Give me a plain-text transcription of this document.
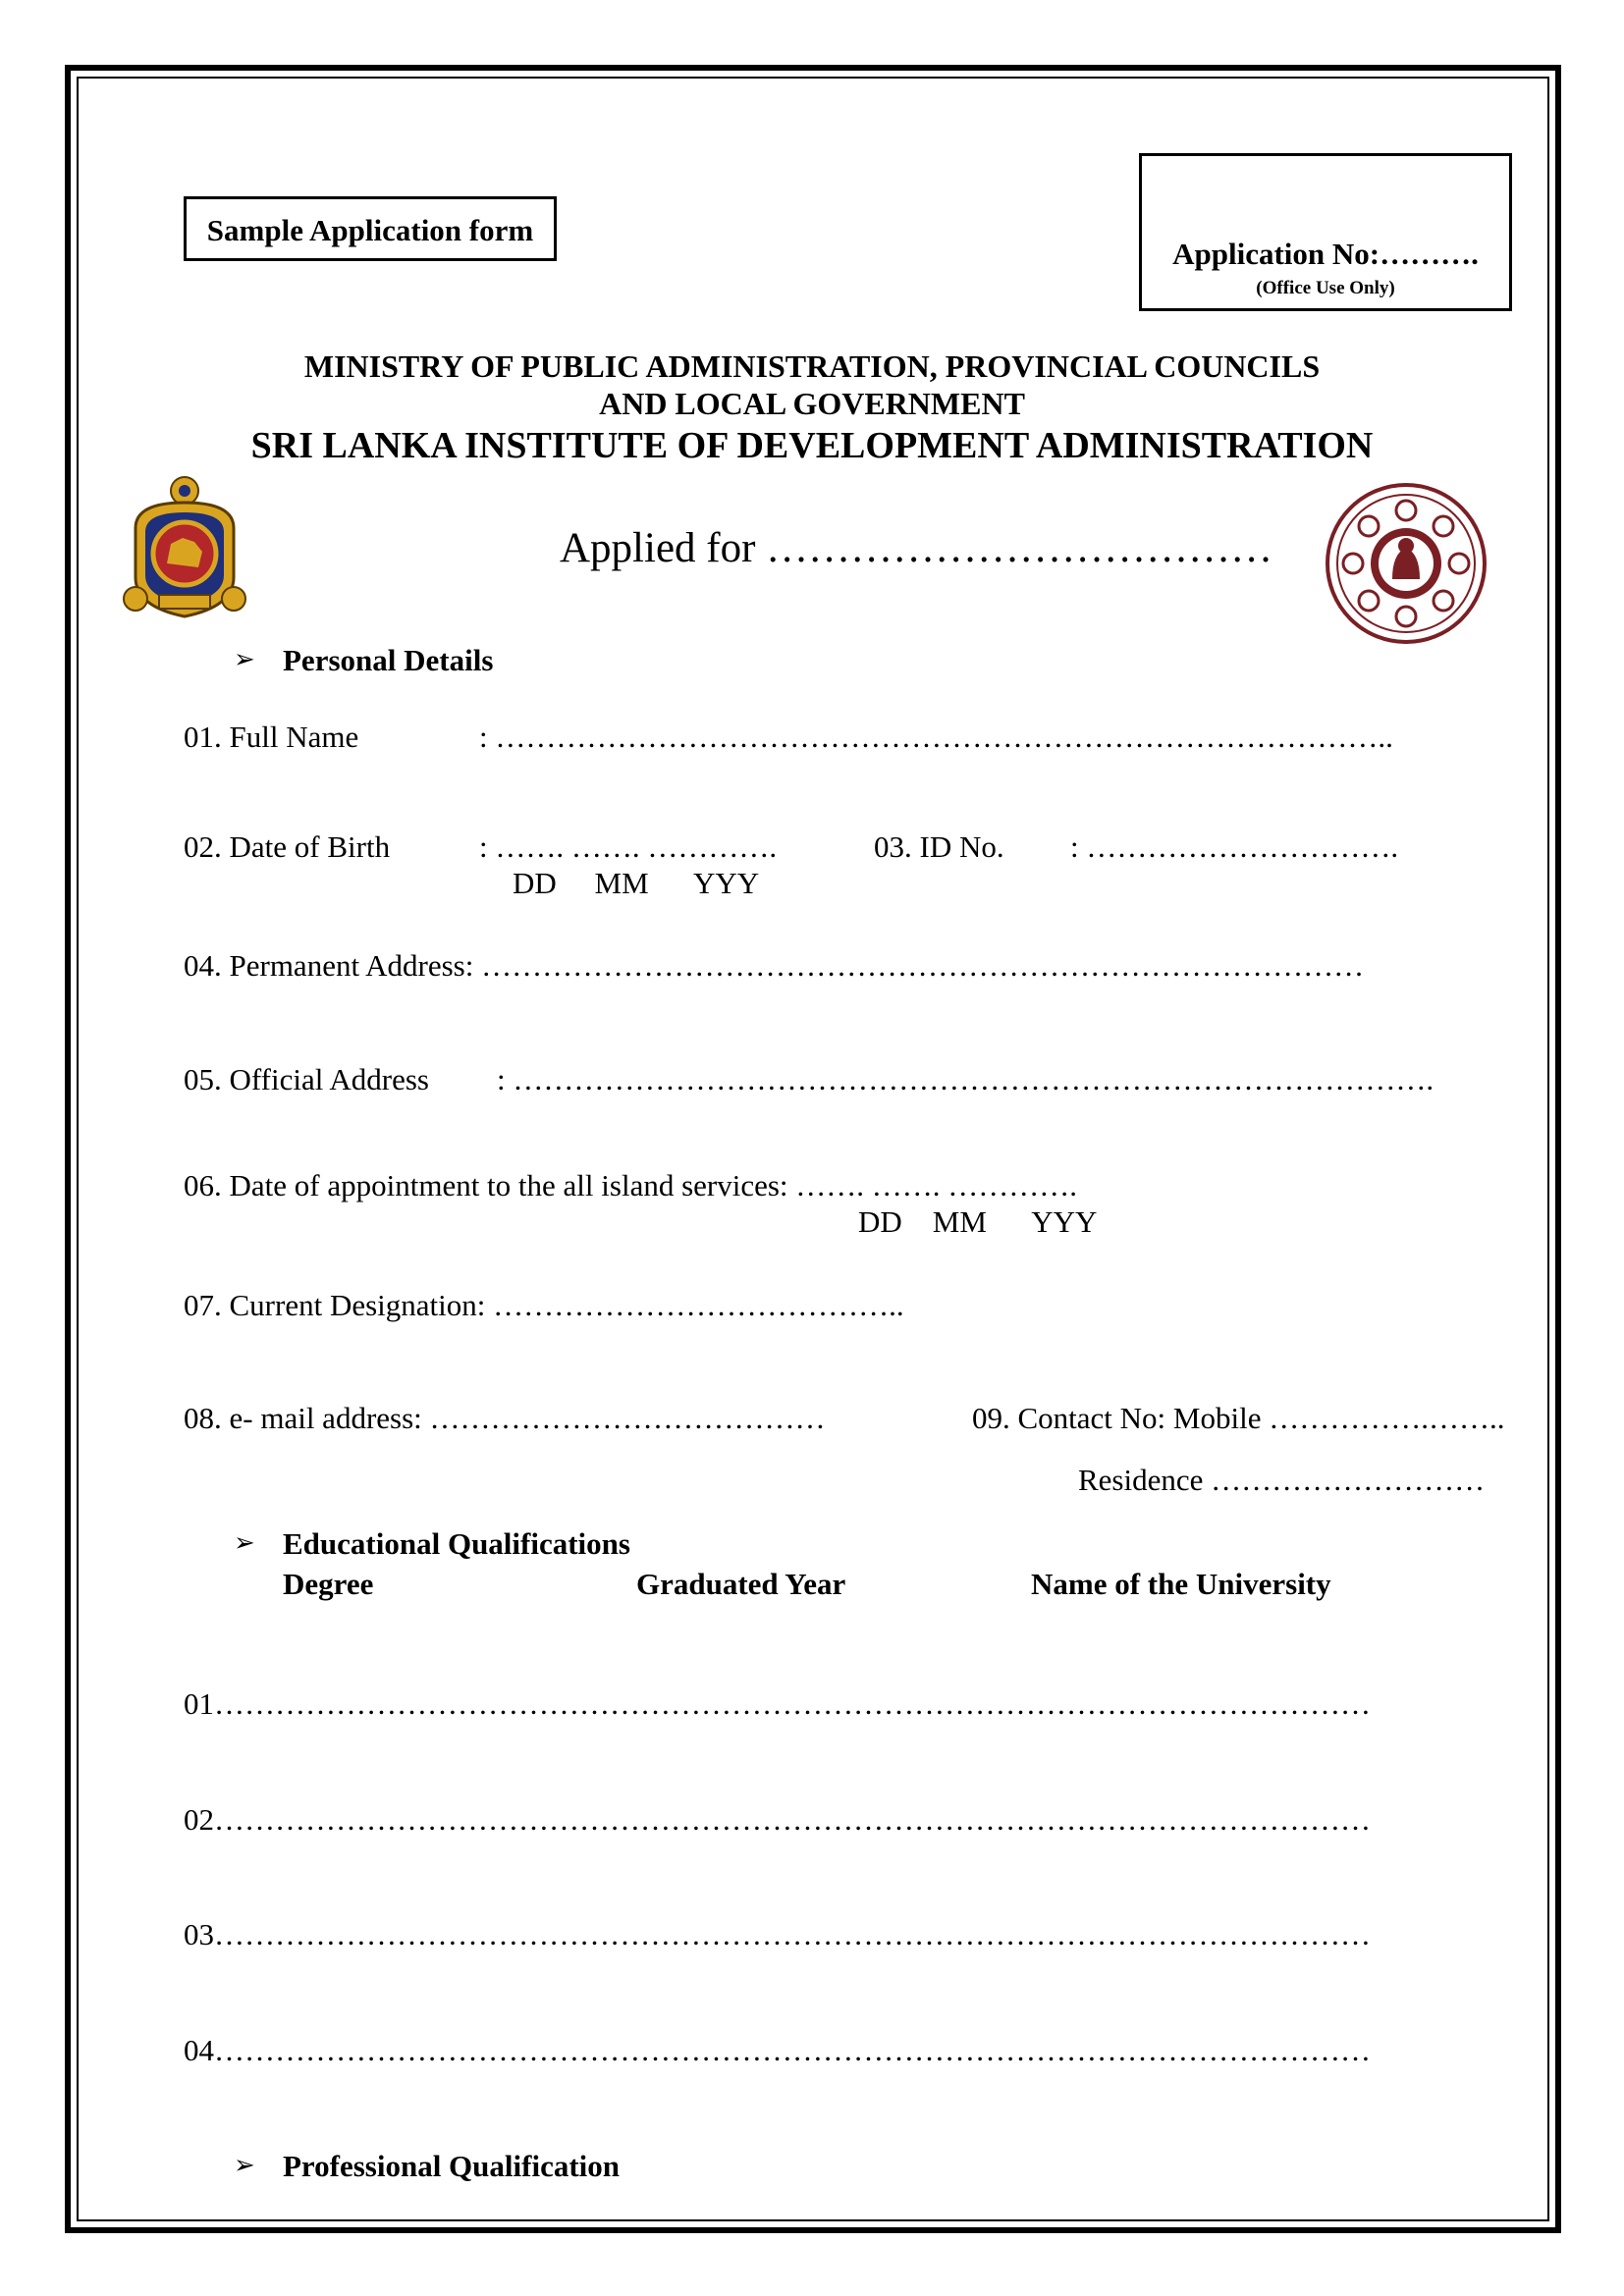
Sample Application form
Application No:……….
(Office Use Only)
MINISTRY OF PUBLIC ADMINISTRATION, PROVINCIAL COUNCILS
AND LOCAL GOVERNMENT
SRI LANKA INSTITUTE OF DEVELOPMENT ADMINISTRATION
Applied for ………………………………
➢ Personal Details
01. Full Name	: ……………………………………………………………………………..
02. Date of Birth	: ……. ……. ………….
DD     MM      YYY
03. ID No. : ………………………….
04. Permanent Address: ……………………………………………………………………………
05. Official Address : ……………………………………………………………………………….
06. Date of appointment to the all island services: ……. ……. ………….
DD    MM      YYY
07. Current Designation: …………………………………..
08. e- mail address: …………………………………	09. Contact No: Mobile …………….……..
Residence ………………………
➢ Educational Qualifications
Degree	Graduated Year	Name of the University
01……………………………………………………………………………………………………
02……………………………………………………………………………………………………
03……………………………………………………………………………………………………
04……………………………………………………………………………………………………
➢ Professional Qualification
